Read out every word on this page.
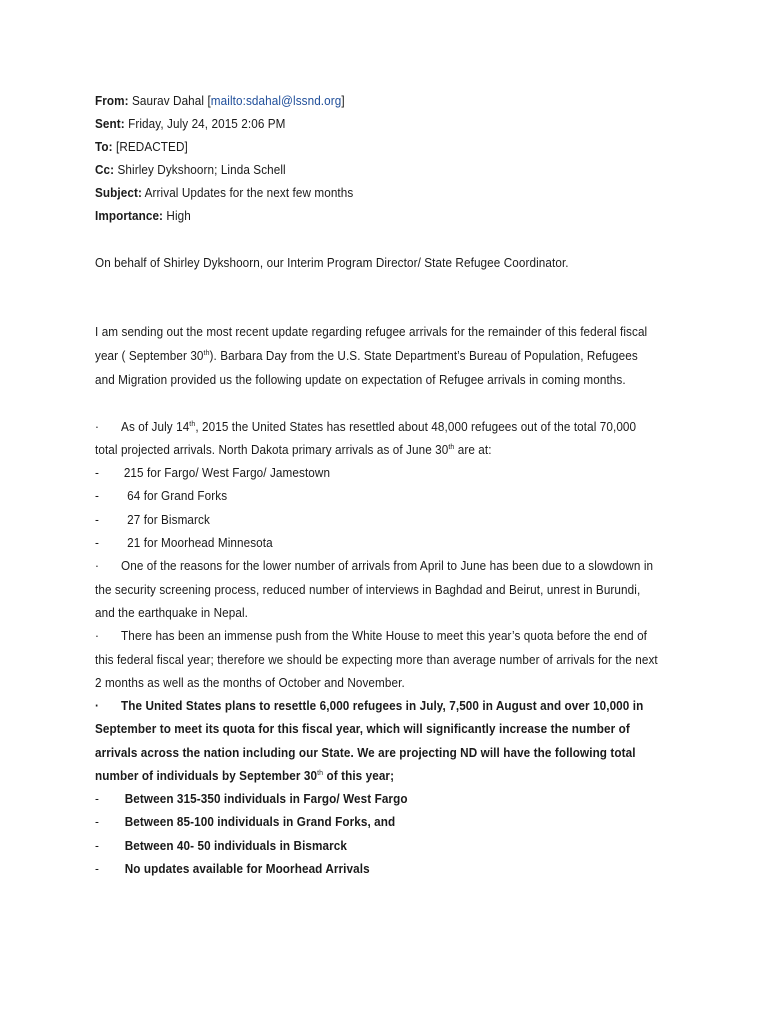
From: Saurav Dahal [mailto:sdahal@lssnd.org]
Sent: Friday, July 24, 2015 2:06 PM
To: [REDACTED]
Cc: Shirley Dykshoorn; Linda Schell
Subject: Arrival Updates for the next few months
Importance: High
On behalf of Shirley Dykshoorn, our Interim Program Director/ State Refugee Coordinator.
I am sending out the most recent update regarding refugee arrivals for the remainder of this federal fiscal
year ( September 30th). Barbara Day from the U.S. State Department’s Bureau of Population, Refugees
and Migration provided us the following update on expectation of Refugee arrivals in coming months.
· As of July 14th, 2015 the United States has resettled about 48,000 refugees out of the total 70,000
total projected arrivals. North Dakota primary arrivals as of June 30th are at:
- 215 for Fargo/ West Fargo/ Jamestown
- 64 for Grand Forks
- 27 for Bismarck
- 21 for Moorhead Minnesota
· One of the reasons for the lower number of arrivals from April to June has been due to a slowdown in
the security screening process, reduced number of interviews in Baghdad and Beirut, unrest in Burundi,
and the earthquake in Nepal.
· There has been an immense push from the White House to meet this year’s quota before the end of
this federal fiscal year; therefore we should be expecting more than average number of arrivals for the next
2 months as well as the months of October and November.
· The United States plans to resettle 6,000 refugees in July, 7,500 in August and over 10,000 in
September to meet its quota for this fiscal year, which will significantly increase the number of
arrivals across the nation including our State. We are projecting ND will have the following total
number of individuals by September 30th of this year;
- Between 315-350 individuals in Fargo/ West Fargo
- Between 85-100 individuals in Grand Forks, and
- Between 40- 50 individuals in Bismarck
- No updates available for Moorhead Arrivals
